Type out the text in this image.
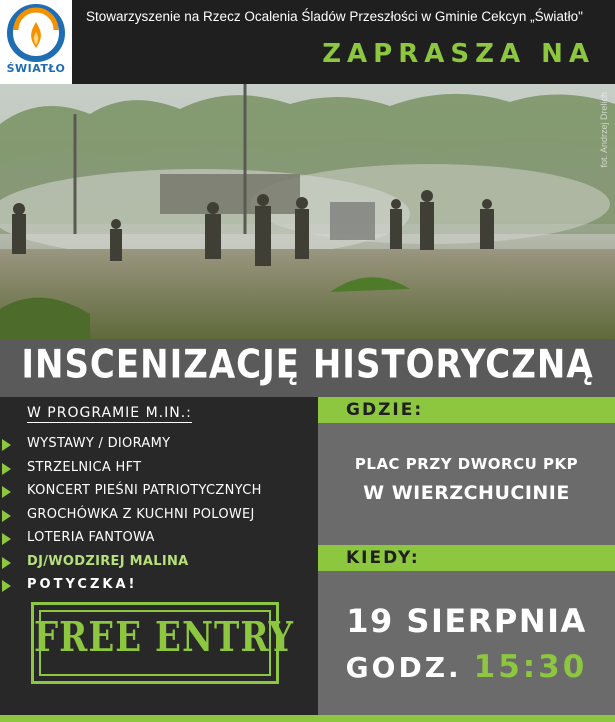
ŚWIATŁO
Stowarzyszenie na Rzecz Ocalenia Śladów Przeszłości w Gminie Cekcyn „Światło"
ZAPRASZA NA
fot. Andrzej Drelich
INSCENIZACJĘ HISTORYCZNĄ
W PROGRAMIE M.IN.:
WYSTAWY / DIORAMY
STRZELNICA HFT
KONCERT PIEŚNI PATRIOTYCZNYCH
GROCHÓWKA Z KUCHNI POLOWEJ
LOTERIA FANTOWA
DJ/WODZIREJ MALINA
POTYCZKA!
FREE ENTRY
GDZIE:
PLAC PRZY DWORCU PKP
W WIERZCHUCINIE
KIEDY:
19 SIERPNIA
GODZ. 15:30
